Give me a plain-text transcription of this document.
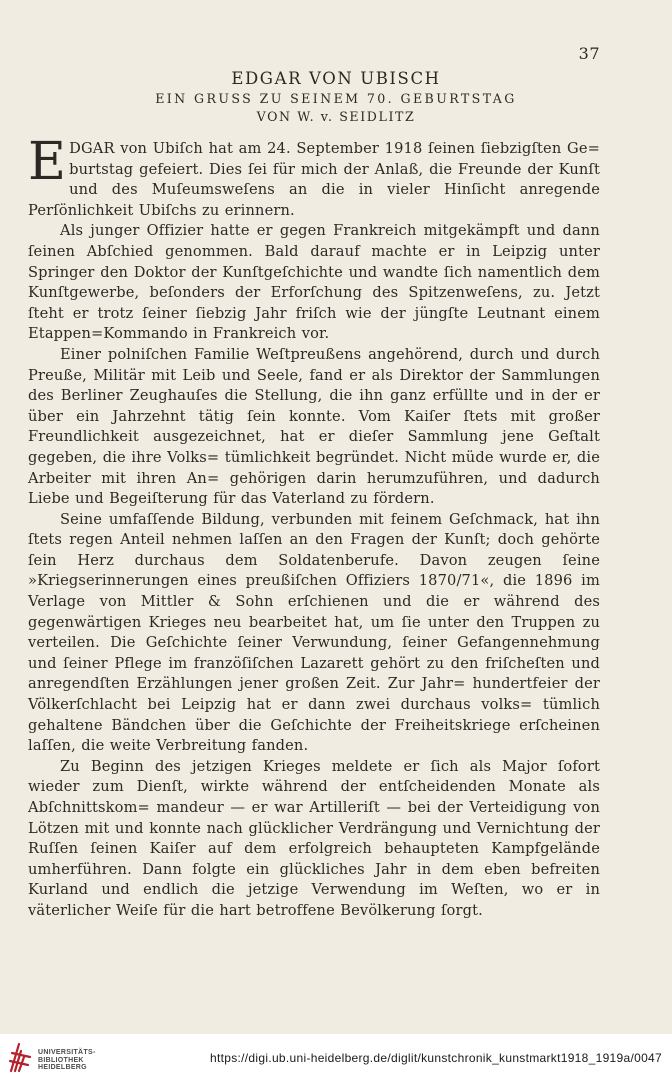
37
EDGAR VON UBISCH
EIN GRUSS ZU SEINEM 70. GEBURTSTAG
VON W. v. SEIDLITZ

EDGAR von Ubiſch hat am 24. September 1918 ſeinen ſiebzigſten Ge= burtstag gefeiert. Dies ſei für mich der Anlaß, die Freunde der Kunſt und des Muſeumsweſens an die in vieler Hinſicht anregende Perſönlichkeit Ubiſchs zu erinnern.

Als junger Offizier hatte er gegen Frankreich mitgekämpft und dann ſeinen Abſchied genommen. Bald darauf machte er in Leipzig unter Springer den Doktor der Kunſtgeſchichte und wandte ſich namentlich dem Kunſtgewerbe, beſonders der Erforſchung des Spitzenweſens, zu. Jetzt ſteht er trotz ſeiner ſiebzig Jahr friſch wie der jüngſte Leutnant einem Etappen=Kommando in Frankreich vor.

Einer polniſchen Familie Weſtpreußens angehörend, durch und durch Preuße, Militär mit Leib und Seele, fand er als Direktor der Sammlungen des Berliner Zeughauſes die Stellung, die ihn ganz erfüllte und in der er über ein Jahrzehnt tätig ſein konnte. Vom Kaiſer ſtets mit großer Freundlichkeit ausgezeichnet, hat er dieſer Sammlung jene Geſtalt gegeben, die ihre Volks= tümlichkeit begründet. Nicht müde wurde er, die Arbeiter mit ihren An= gehörigen darin herumzuführen, und dadurch Liebe und Begeiſterung für das Vaterland zu fördern.

Seine umfaſſende Bildung, verbunden mit feinem Geſchmack, hat ihn ſtets regen Anteil nehmen laſſen an den Fragen der Kunſt; doch gehörte ſein Herz durchaus dem Soldatenberufe. Davon zeugen ſeine »Kriegserinnerungen eines preußiſchen Offiziers 1870/71«, die 1896 im Verlage von Mittler & Sohn erſchienen und die er während des gegenwärtigen Krieges neu bearbeitet hat, um ſie unter den Truppen zu verteilen. Die Geſchichte ſeiner Verwundung, ſeiner Gefangennehmung und ſeiner Pflege im franzöſiſchen Lazarett gehört zu den friſcheſten und anregendſten Erzählungen jener großen Zeit. Zur Jahr= hundertfeier der Völkerſchlacht bei Leipzig hat er dann zwei durchaus volks= tümlich gehaltene Bändchen über die Geſchichte der Freiheitskriege erſcheinen laſſen, die weite Verbreitung fanden.

Zu Beginn des jetzigen Krieges meldete er ſich als Major ſofort wieder zum Dienſt, wirkte während der entſcheidenden Monate als Abſchnittskom= mandeur — er war Artilleriſt — bei der Verteidigung von Lötzen mit und konnte nach glücklicher Verdrängung und Vernichtung der Ruſſen ſeinen Kaiſer auf dem erfolgreich behaupteten Kampfgelände umherführen. Dann folgte ein glückliches Jahr in dem eben befreiten Kurland und endlich die jetzige Verwendung im Weſten, wo er in väterlicher Weiſe für die hart betroffene Bevölkerung ſorgt.

UNIVERSITÄTS- BIBLIOTHEK HEIDELBERG
https://digi.ub.uni-heidelberg.de/diglit/kunstchronik_kunstmarkt1918_1919a/0047
